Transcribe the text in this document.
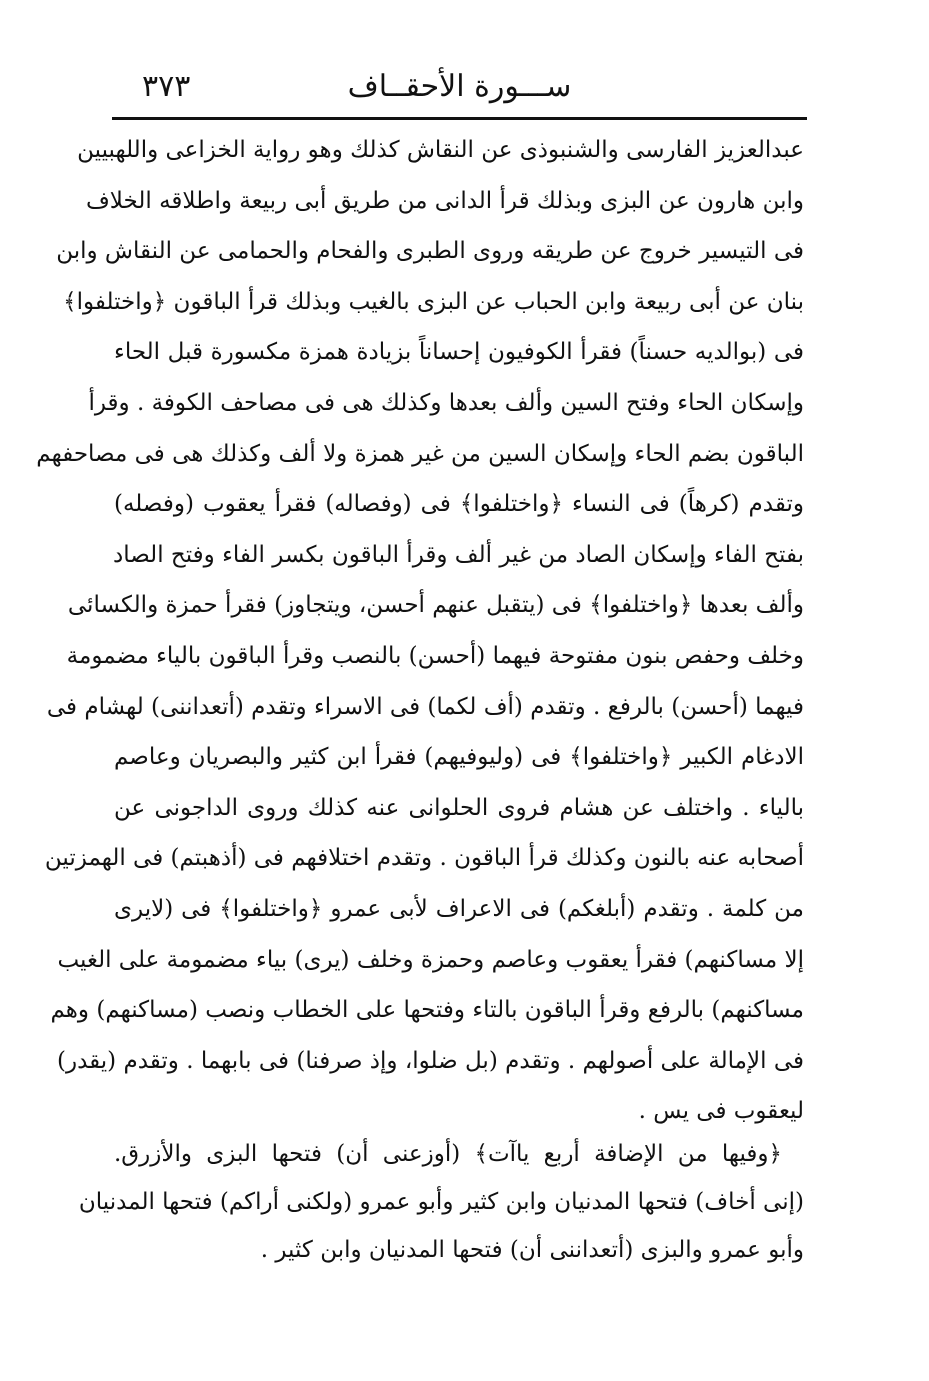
ســـورة الأحقــاف
٣٧٣
عبدالعزيز الفارسى والشنبوذى عن النقاش كذلك وهو رواية الخزاعى واللهبيين
وابن هارون عن البزى وبذلك قرأ الدانى من طريق أبى ربيعة واطلاقه الخلاف
فى التيسير خروج عن طريقه وروى الطبرى والفحام والحمامى عن النقاش وابن
بنان عن أبى ربيعة وابن الحباب عن البزى بالغيب وبذلك قرأ الباقون ﴿واختلفوا﴾
فى (بوالديه حسناً) فقرأ الكوفيون إحساناً بزيادة همزة مكسورة قبل الحاء
وإسكان الحاء وفتح السين وألف بعدها وكذلك هى فى مصاحف الكوفة . وقرأ
الباقون بضم الحاء وإسكان السين من غير همزة ولا ألف وكذلك هى فى مصاحفهم
وتقدم (كرهاً) فى النساء ﴿واختلفوا﴾ فى (وفصاله) فقرأ يعقوب (وفصله)
بفتح الفاء وإسكان الصاد من غير ألف وقرأ الباقون بكسر الفاء وفتح الصاد
وألف بعدها ﴿واختلفوا﴾ فى (يتقبل عنهم أحسن، ويتجاوز) فقرأ حمزة والكسائى
وخلف وحفص بنون مفتوحة فيهما (أحسن) بالنصب وقرأ الباقون بالياء مضمومة
فيهما (أحسن) بالرفع . وتقدم (أف لكما) فى الاسراء وتقدم (أتعداننى) لهشام فى
الادغام الكبير ﴿واختلفوا﴾ فى (وليوفيهم) فقرأ ابن كثير والبصريان وعاصم
بالياء . واختلف عن هشام فروى الحلوانى عنه كذلك وروى الداجونى عن
أصحابه عنه بالنون وكذلك قرأ الباقون . وتقدم اختلافهم فى (أذهبتم) فى الهمزتين
من كلمة . وتقدم (أبلغكم) فى الاعراف لأبى عمرو ﴿واختلفوا﴾ فى (لايرى
إلا مساكنهم) فقرأ يعقوب وعاصم وحمزة وخلف (يرى) بياء مضمومة على الغيب
مساكنهم) بالرفع وقرأ الباقون بالتاء وفتحها على الخطاب ونصب (مساكنهم) وهم
فى الإمالة على أصولهم . وتقدم (بل ضلوا، وإذ صرفنا) فى بابهما . وتقدم (يقدر)
ليعقوب فى يس .
﴿وفيها من الإضافة أربع ياآت﴾ (أوزعنى أن) فتحها البزى والأزرق.
(إنى أخاف) فتحها المدنيان وابن كثير وأبو عمرو (ولكنى أراكم) فتحها المدنيان
وأبو عمرو والبزى (أتعداننى أن) فتحها المدنيان وابن كثير .
